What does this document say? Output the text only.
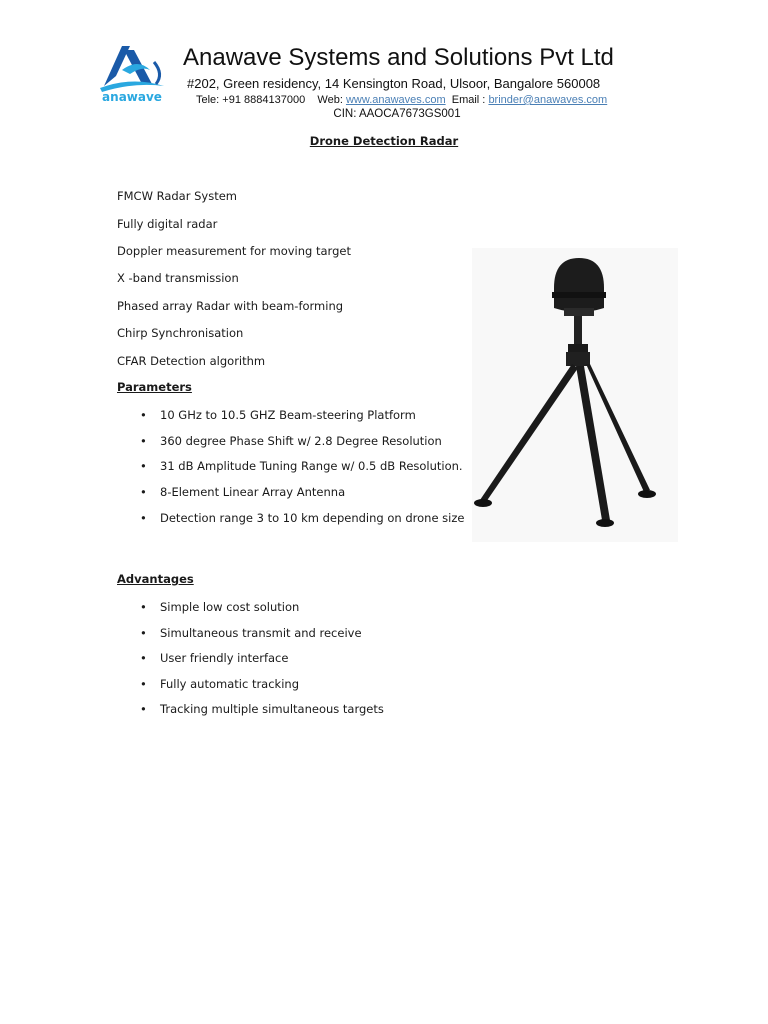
anawave
Anawave Systems and Solutions Pvt Ltd
#202, Green residency, 14 Kensington Road, Ulsoor, Bangalore 560008
Tele: +91 8884137000 Web: www.anawaves.com Email : brinder@anawaves.com
CIN: AAOCA7673GS001
Drone Detection Radar
FMCW Radar System
Fully digital radar
Doppler measurement for moving target
X -band transmission
Phased array Radar with beam-forming
Chirp Synchronisation
CFAR Detection algorithm
Parameters
• 10 GHz to 10.5 GHZ Beam-steering Platform
• 360 degree Phase Shift w/ 2.8 Degree Resolution
• 31 dB Amplitude Tuning Range w/ 0.5 dB Resolution.
• 8-Element Linear Array Antenna
• Detection range 3 to 10 km depending on drone size
Advantages
• Simple low cost solution
• Simultaneous transmit and receive
• User friendly interface
• Fully automatic tracking
• Tracking multiple simultaneous targets
